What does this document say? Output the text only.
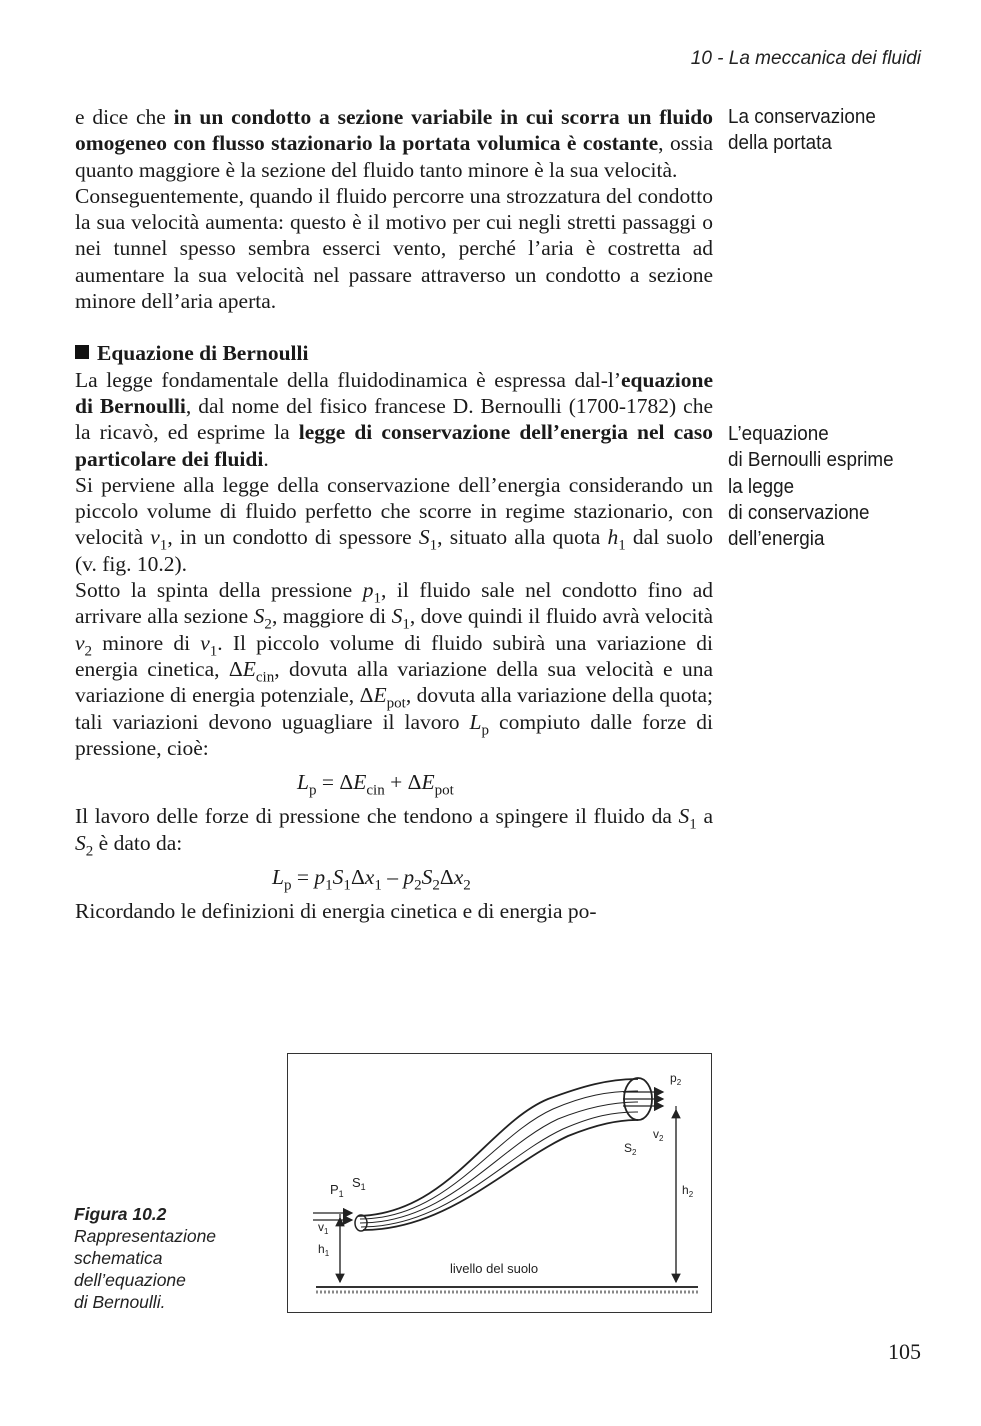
10 - La meccanica dei fluidi

e dice che in un condotto a sezione variabile in cui scorra un fluido omogeneo con flusso stazionario la portata volumica è costante, ossia quanto maggiore è la sezione del fluido tanto minore è la sua velocità.

Conseguentemente, quando il fluido percorre una strozzatura del condotto la sua velocità aumenta: questo è il motivo per cui negli stretti passaggi o nei tunnel spesso sembra esserci vento, perché l’aria è costretta ad aumentare la sua velocità nel passare attraverso un condotto a sezione minore dell’aria aperta.

Equazione di Bernoulli

La legge fondamentale della fluidodinamica è espressa dal-l’equazione di Bernoulli, dal nome del fisico francese D. Bernoulli (1700-1782) che la ricavò, ed esprime la legge di conservazione dell’energia nel caso particolare dei fluidi.

Si perviene alla legge della conservazione dell’energia considerando un piccolo volume di fluido perfetto che scorre in regime stazionario, con velocità $v_1$, in un condotto di spessore $S_1$, situato alla quota $h_1$ dal suolo (v. fig. 10.2).

Sotto la spinta della pressione $p_1$, il fluido sale nel condotto fino ad arrivare alla sezione $S_2$, maggiore di $S_1$, dove quindi il fluido avrà velocità $v_2$ minore di $v_1$. Il piccolo volume di fluido subirà una variazione di energia cinetica, $\Delta E_{cin}$, dovuta alla variazione della sua velocità e una variazione di energia potenziale, $\Delta E_{pot}$, dovuta alla variazione della quota; tali variazioni devono uguagliare il lavoro $L_p$ compiuto dalle forze di pressione, cioè:

$L_p = \Delta E_{cin} + \Delta E_{pot}$

Il lavoro delle forze di pressione che tendono a spingere il fluido da $S_1$ a $S_2$ è dato da:

$L_p = p_1S_1\Delta x_1 - p_2S_2\Delta x_2$

Ricordando le definizioni di energia cinetica e di energia po-

La conservazione
della portata
L’equazione
di Bernoulli esprime
la legge
di conservazione
dell’energia
Figura 10.2
Rappresentazione
schematica
dell’equazione
di Bernoulli.
$P_1$
$S_1$
$v_1$
$h_1$
$p_2$
$v_2$
$S_2$
$h_2$
livello del suolo
105
